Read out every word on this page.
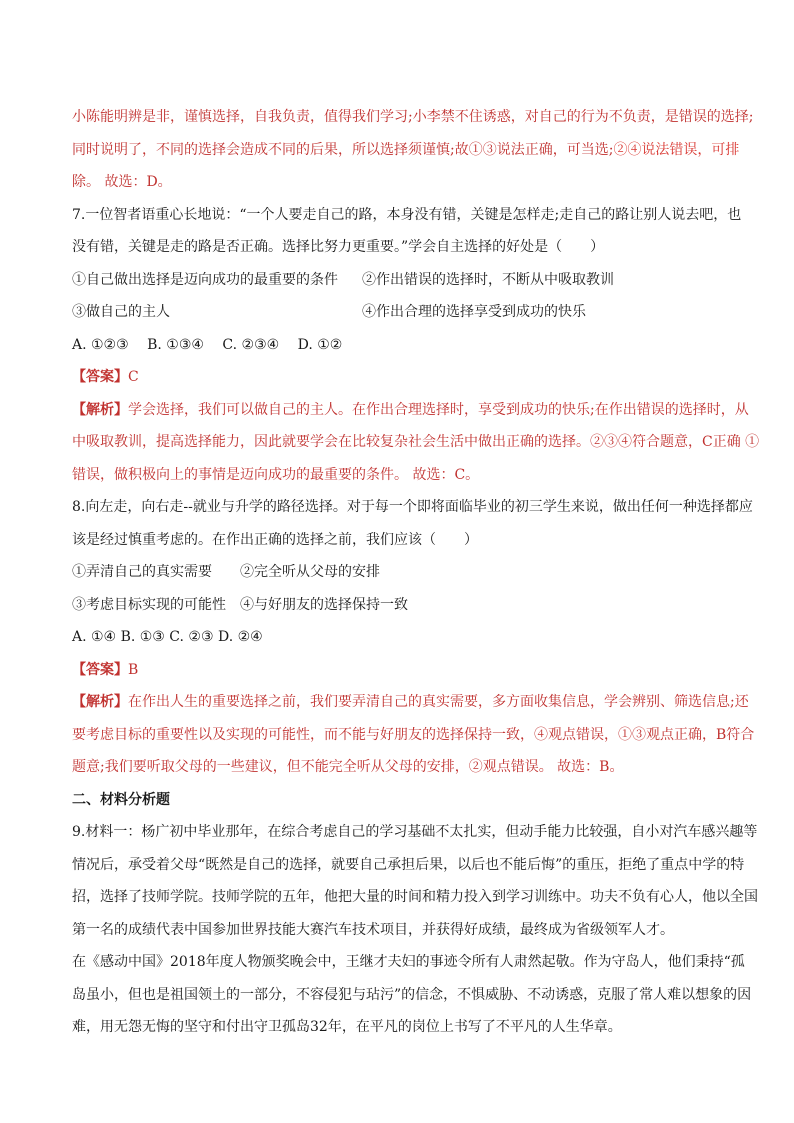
小陈能明辨是非，谨慎选择，自我负责，值得我们学习;小李禁不住诱惑，对自己的行为不负责，是错误的选择;

同时说明了，不同的选择会造成不同的后果，所以选择须谨慎;故①③说法正确，可当选;②④说法错误，可排

除。 故选：D。

7.一位智者语重心长地说：“一个人要走自己的路，本身没有错，关键是怎样走;走自己的路让别人说去吧，也

没有错，关键是走的路是否正确。选择比努力更重要。”学会自主选择的好处是（　　）

①自己做出选择是迈向成功的最重要的条件	②作出错误的选择时，不断从中吸取教训

③做自己的主人	④作出合理的选择享受到成功的快乐

A. ①②③　 B. ①③④　 C. ②③④　 D. ①②

【答案】C

【解析】学会选择，我们可以做自己的主人。在作出合理选择时，享受到成功的快乐;在作出错误的选择时，从

中吸取教训，提高选择能力，因此就要学会在比较复杂社会生活中做出正确的选择。②③④符合题意，C正确 ①

错误，做积极向上的事情是迈向成功的最重要的条件。 故选：C。

8.向左走，向右走--就业与升学的路径选择。对于每一个即将面临毕业的初三学生来说，做出任何一种选择都应

该是经过慎重考虑的。在作出正确的选择之前，我们应该（　　）

①弄清自己的真实需要　　②完全听从父母的安排

③考虑目标实现的可能性　④与好朋友的选择保持一致

A. ①④ B. ①③ C. ②③ D. ②④

【答案】B

【解析】在作出人生的重要选择之前，我们要弄清自己的真实需要，多方面收集信息，学会辨别、筛选信息;还

要考虑目标的重要性以及实现的可能性，而不能与好朋友的选择保持一致，④观点错误，①③观点正确，B符合

题意;我们要听取父母的一些建议，但不能完全听从父母的安排，②观点错误。 故选：B。

二、材料分析题

9.材料一：杨广初中毕业那年，在综合考虑自己的学习基础不太扎实，但动手能力比较强，自小对汽车感兴趣等

情况后，承受着父母“既然是自己的选择，就要自己承担后果，以后也不能后悔”的重压，拒绝了重点中学的特

招，选择了技师学院。技师学院的五年，他把大量的时间和精力投入到学习训练中。功夫不负有心人，他以全国

第一名的成绩代表中国参加世界技能大赛汽车技术项目，并获得好成绩，最终成为省级领军人才。

在《感动中国》2018年度人物颁奖晚会中，王继才夫妇的事迹令所有人肃然起敬。作为守岛人，他们秉持“孤

岛虽小，但也是祖国领土的一部分，不容侵犯与玷污”的信念，不惧威胁、不动诱惑，克服了常人难以想象的因

难，用无怨无悔的坚守和付出守卫孤岛32年，在平凡的岗位上书写了不平凡的人生华章。
